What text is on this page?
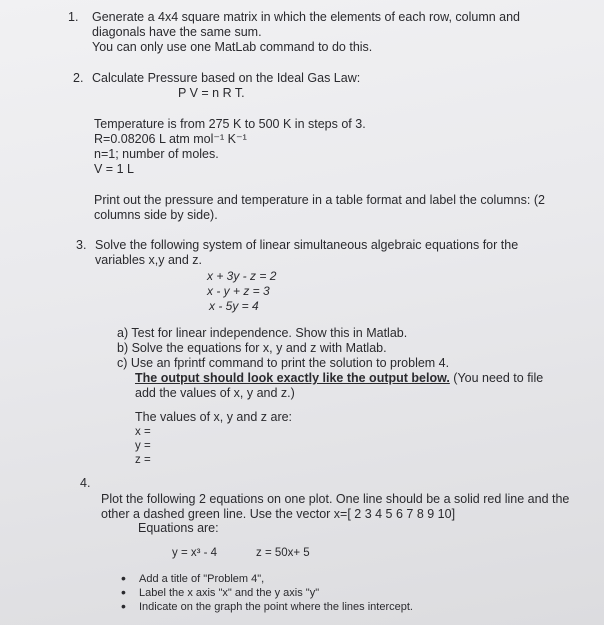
1. Generate a 4x4 square matrix in which the elements of each row, column and
diagonals have the same sum.
You can only use one MatLab command to do this.
2. Calculate Pressure based on the Ideal Gas Law:
P V = n R T.
Temperature is from 275 K to 500 K in steps of 3.
R=0.08206 L atm mol⁻¹ K⁻¹
n=1; number of moles.
V = 1 L
Print out the pressure and temperature in a table format and label the columns: (2
columns side by side).
3. Solve the following system of linear simultaneous algebraic equations for the
variables x,y and z.
x + 3y - z = 2
x - y + z = 3
x - 5y = 4
a) Test for linear independence. Show this in Matlab.
b) Solve the equations for x, y and z with Matlab.
c) Use an fprintf command to print the solution to problem 4.
The output should look exactly like the output below. (You need to file
add the values of x, y and z.)
The values of x, y and z are:
x =
y =
z =
4.
Plot the following 2 equations on one plot. One line should be a solid red line and the
other a dashed green line. Use the vector x=[ 2 3 4 5 6 7 8 9 10]
Equations are:
y = x³ - 4	z = 50x+ 5
• Add a title of "Problem 4",
• Label the x axis "x" and the y axis "y"
• Indicate on the graph the point where the lines intercept.
